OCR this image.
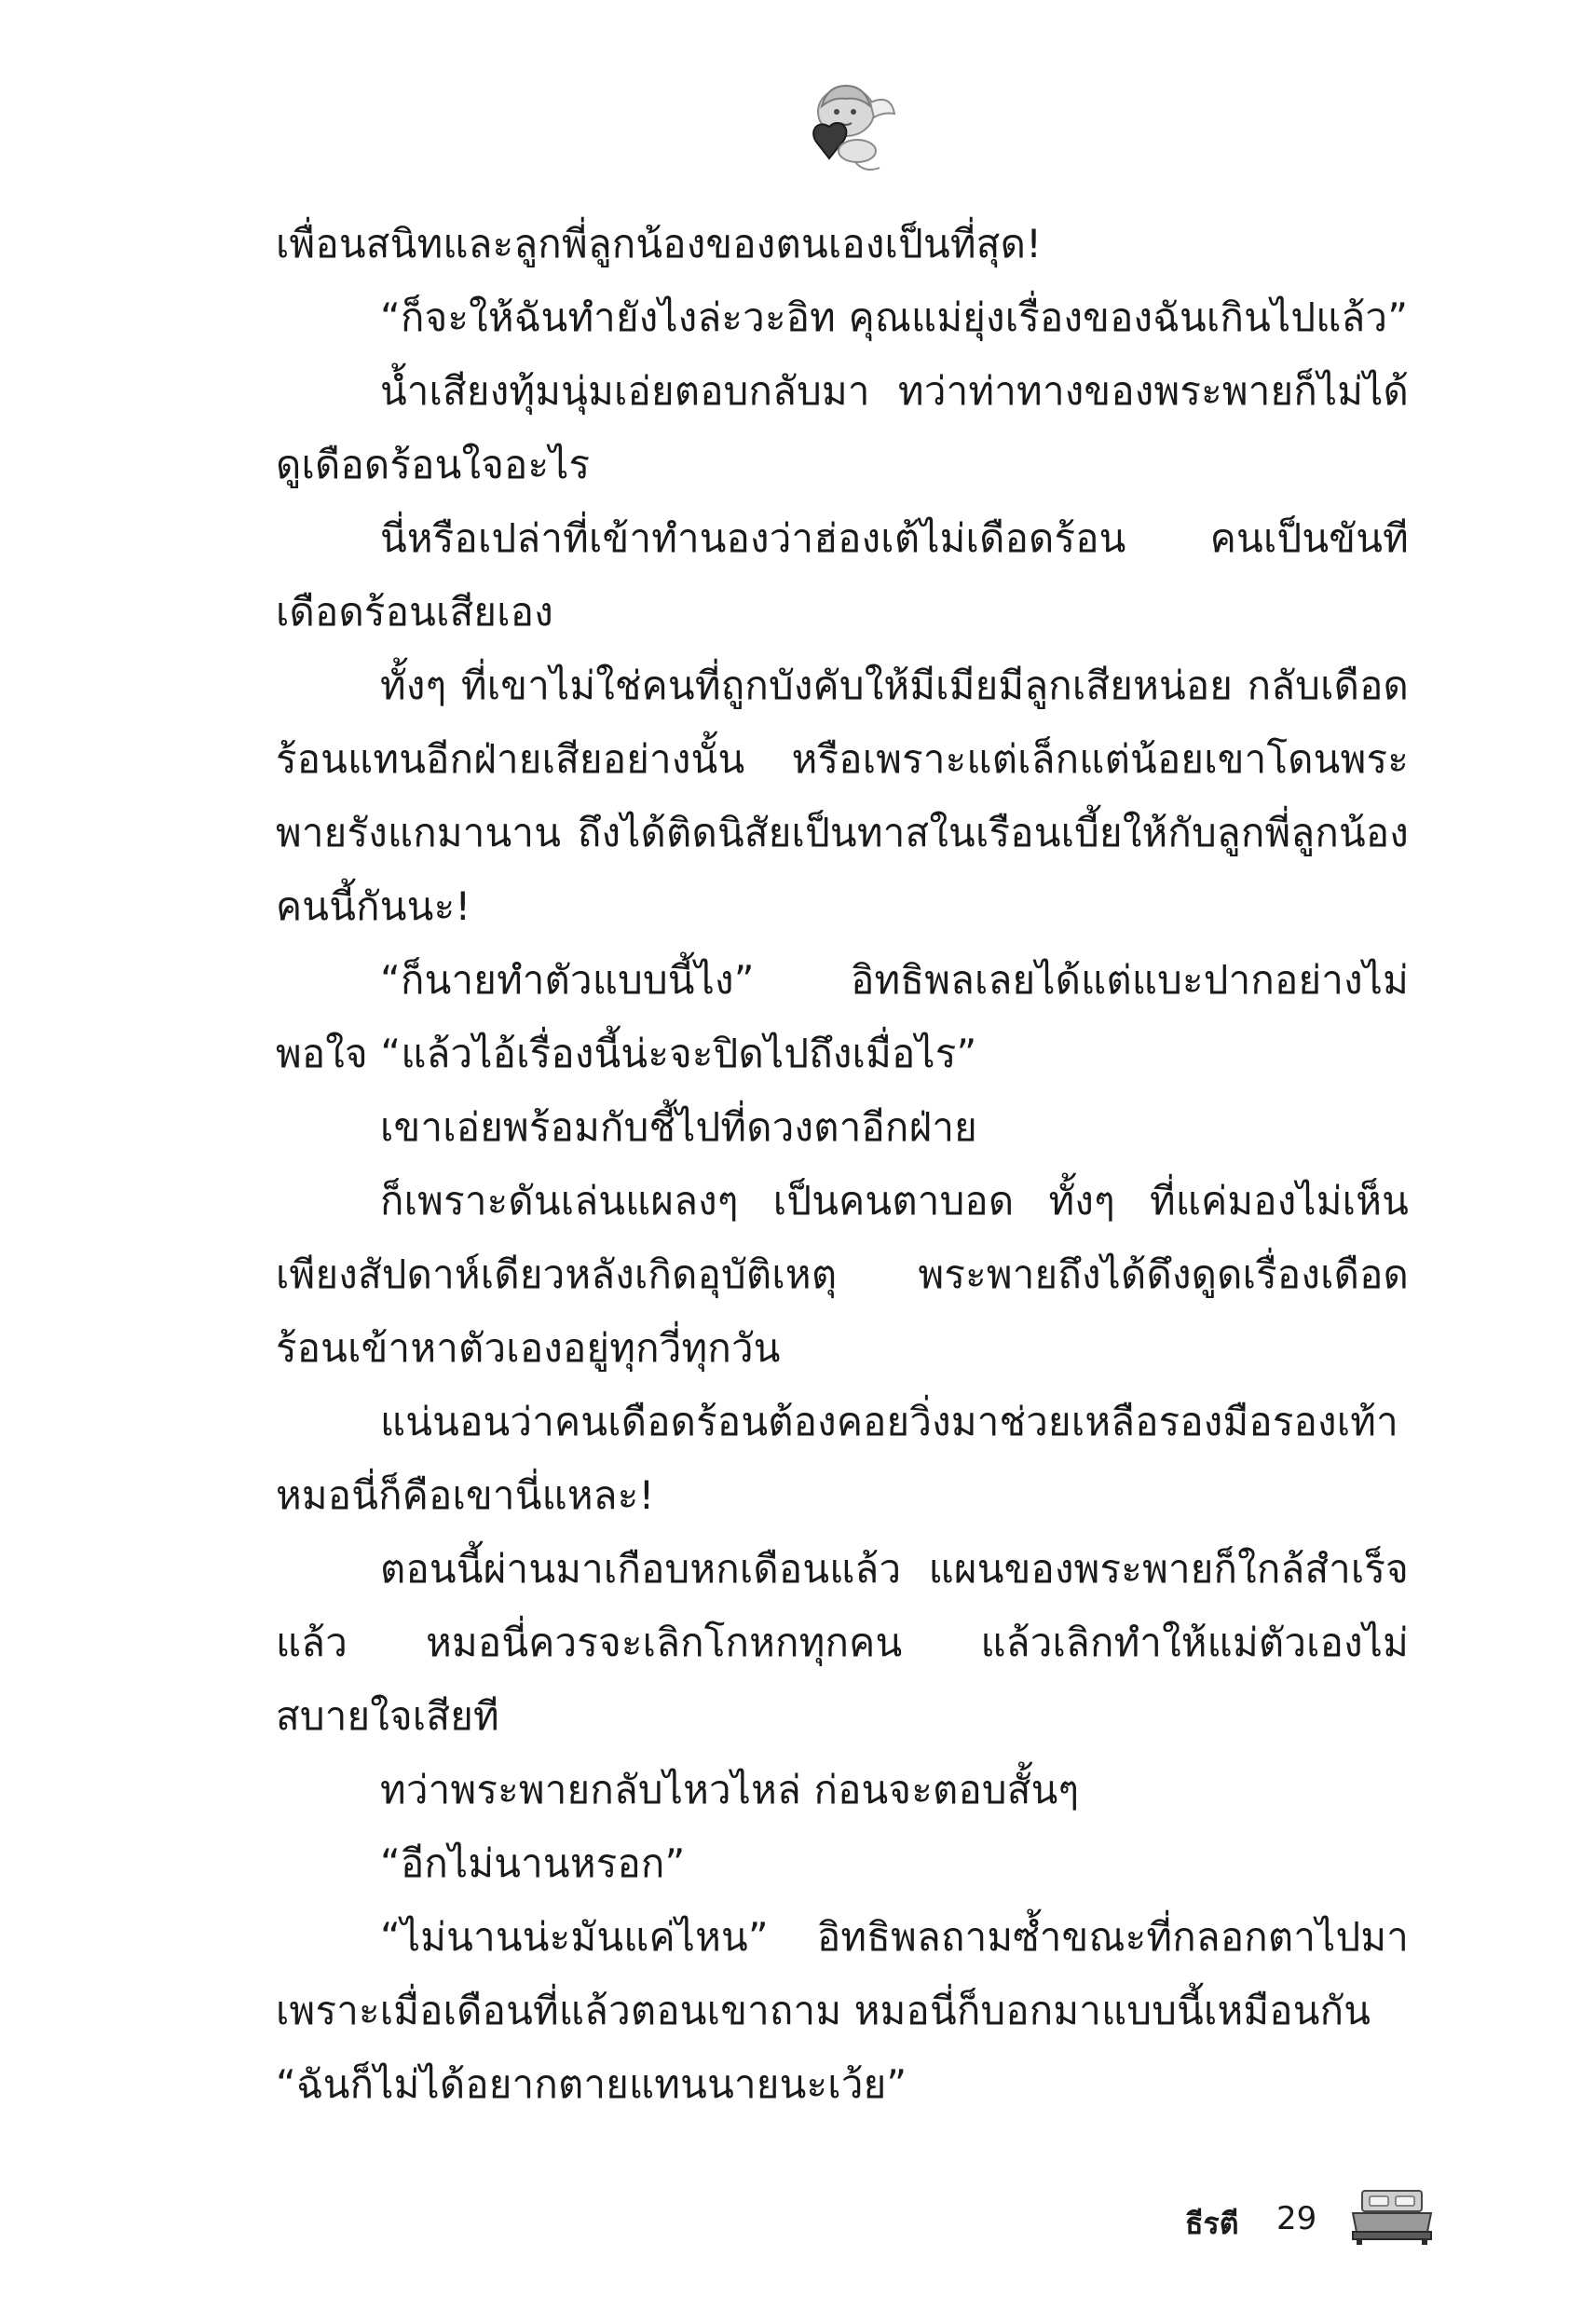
เพื่อนสนิทและลูกพี่ลูกน้องของตนเองเป็นที่สุด!

“ก็จะให้ฉันทำยังไงล่ะวะอิท คุณแม่ยุ่งเรื่องของฉันเกินไปแล้ว”

น้ำเสียงทุ้มนุ่มเอ่ยตอบกลับมา ทว่าท่าทางของพระพายก็ไม่ได้ดูเดือดร้อนใจอะไร

นี่หรือเปล่าที่เข้าทำนองว่าฮ่องเต้ไม่เดือดร้อน คนเป็นขันทีเดือดร้อนเสียเอง

ทั้งๆ ที่เขาไม่ใช่คนที่ถูกบังคับให้มีเมียมีลูกเสียหน่อย กลับเดือดร้อนแทนอีกฝ่ายเสียอย่างนั้น หรือเพราะแต่เล็กแต่น้อยเขาโดนพระพายรังแกมานาน ถึงได้ติดนิสัยเป็นทาสในเรือนเบี้ยให้กับลูกพี่ลูกน้องคนนี้กันนะ!

“ก็นายทำตัวแบบนี้ไง” อิทธิพลเลยได้แต่แบะปากอย่างไม่พอใจ “แล้วไอ้เรื่องนี้น่ะจะปิดไปถึงเมื่อไร”

เขาเอ่ยพร้อมกับชี้ไปที่ดวงตาอีกฝ่าย

ก็เพราะดันเล่นแผลงๆ เป็นคนตาบอด ทั้งๆ ที่แค่มองไม่เห็นเพียงสัปดาห์เดียวหลังเกิดอุบัติเหตุ พระพายถึงได้ดึงดูดเรื่องเดือดร้อนเข้าหาตัวเองอยู่ทุกวี่ทุกวัน

แน่นอนว่าคนเดือดร้อนต้องคอยวิ่งมาช่วยเหลือรองมือรองเท้าหมอนี่ก็คือเขานี่แหละ!

ตอนนี้ผ่านมาเกือบหกเดือนแล้ว แผนของพระพายก็ใกล้สำเร็จแล้ว หมอนี่ควรจะเลิกโกหกทุกคน แล้วเลิกทำให้แม่ตัวเองไม่สบายใจเสียที

ทว่าพระพายกลับไหวไหล่ ก่อนจะตอบสั้นๆ

“อีกไม่นานหรอก”

“ไม่นานน่ะมันแค่ไหน” อิทธิพลถามซ้ำขณะที่กลอกตาไปมาเพราะเมื่อเดือนที่แล้วตอนเขาถาม หมอนี่ก็บอกมาแบบนี้เหมือนกัน

“ฉันก็ไม่ได้อยากตายแทนนายนะเว้ย”

ธีรตี 29
